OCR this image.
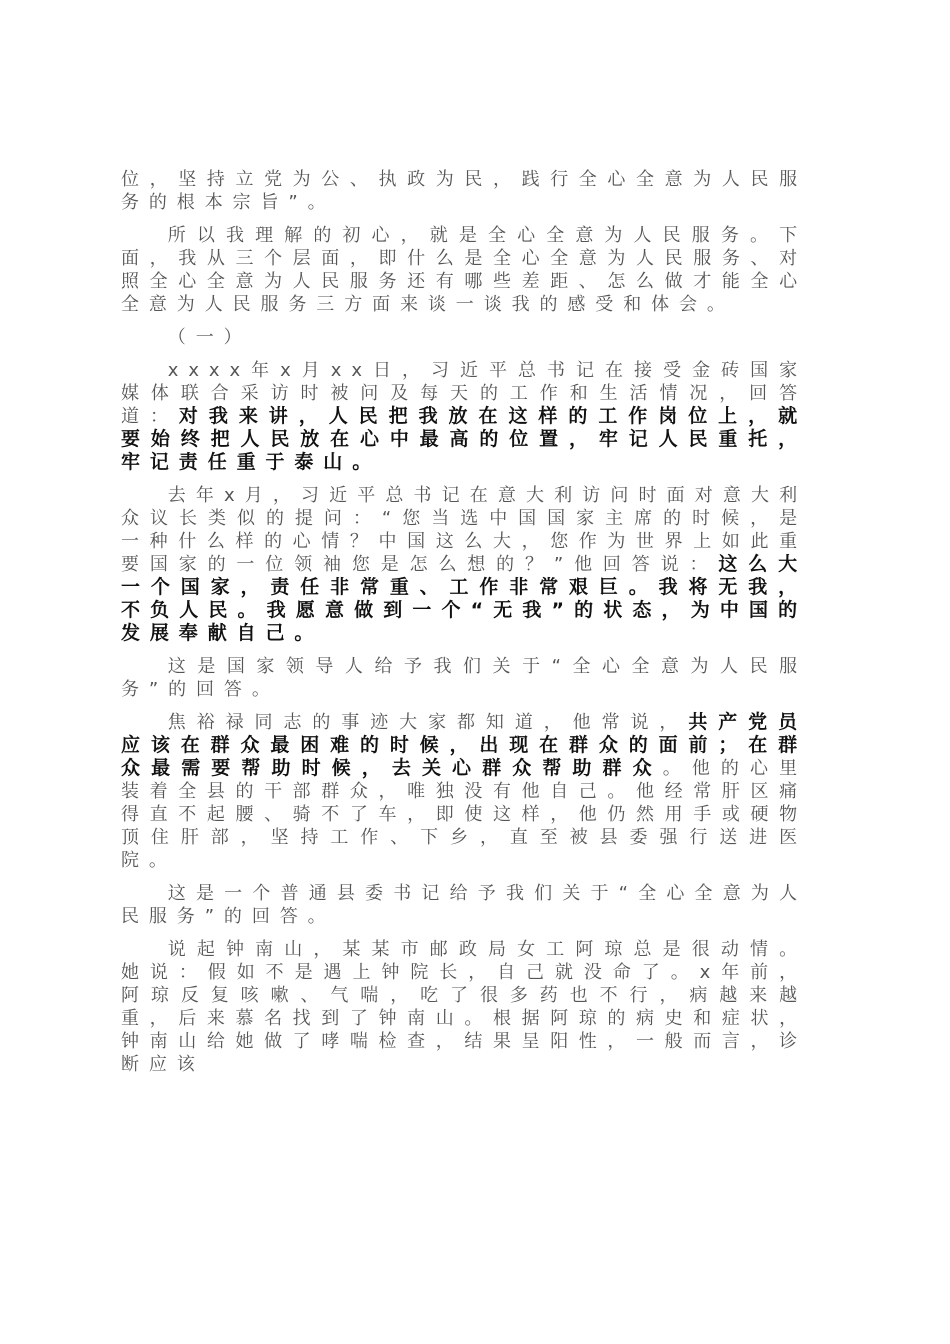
位，坚持立党为公、执政为民，践行全心全意为人民服务的根本宗旨”。

所以我理解的初心，就是全心全意为人民服务。下面，我从三个层面，即什么是全心全意为人民服务、对照全心全意为人民服务还有哪些差距、怎么做才能全心全意为人民服务三方面来谈一谈我的感受和体会。

（一）

xxxx年x月xx日，习近平总书记在接受金砖国家媒体联合采访时被问及每天的工作和生活情况，回答道：对我来讲，人民把我放在这样的工作岗位上，就要始终把人民放在心中最高的位置，牢记人民重托，牢记责任重于泰山。

去年x月，习近平总书记在意大利访问时面对意大利众议长类似的提问：“您当选中国国家主席的时候，是一种什么样的心情？中国这么大，您作为世界上如此重要国家的一位领袖您是怎么想的？”他回答说：这么大一个国家，责任非常重、工作非常艰巨。我将无我，不负人民。我愿意做到一个“无我”的状态，为中国的发展奉献自己。

这是国家领导人给予我们关于“全心全意为人民服务”的回答。

焦裕禄同志的事迹大家都知道，他常说，共产党员应该在群众最困难的时候，出现在群众的面前；在群众最需要帮助时候，去关心群众帮助群众。他的心里装着全县的干部群众，唯独没有他自己。他经常肝区痛得直不起腰、骑不了车，即使这样，他仍然用手或硬物顶住肝部，坚持工作、下乡，直至被县委强行送进医院。

这是一个普通县委书记给予我们关于“全心全意为人民服务”的回答。

说起钟南山，某某市邮政局女工阿琼总是很动情。她说：假如不是遇上钟院长，自己就没命了。x年前，阿琼反复咳嗽、气喘，吃了很多药也不行，病越来越重，后来慕名找到了钟南山。根据阿琼的病史和症状，钟南山给她做了哮喘检查，结果呈阳性，一般而言，诊断应该
